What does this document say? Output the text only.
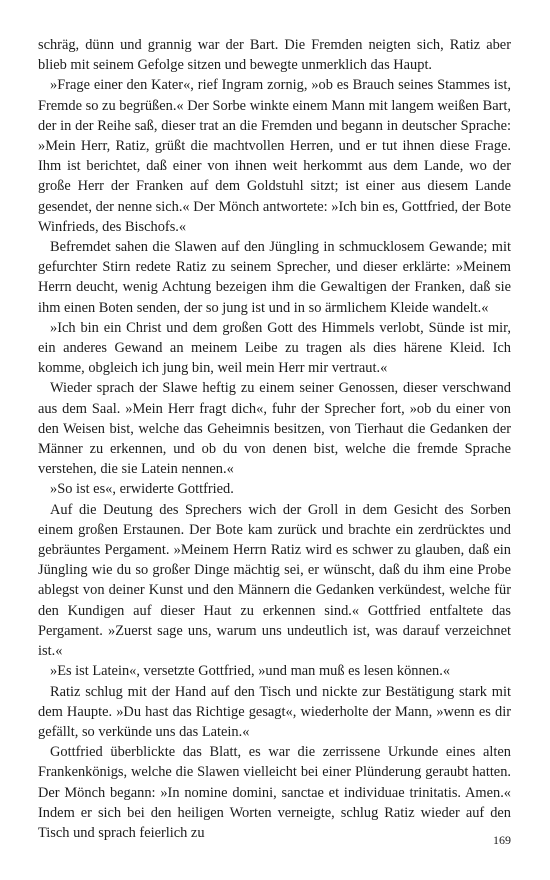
schräg, dünn und grannig war der Bart. Die Fremden neigten sich, Ratiz aber blieb mit seinem Gefolge sitzen und bewegte unmerklich das Haupt.

»Frage einer den Kater«, rief Ingram zornig, »ob es Brauch seines Stammes ist, Fremde so zu begrüßen.« Der Sorbe winkte einem Mann mit langem weißen Bart, der in der Reihe saß, dieser trat an die Fremden und begann in deutscher Sprache: »Mein Herr, Ratiz, grüßt die machtvollen Herren, und er tut ihnen diese Frage. Ihm ist berichtet, daß einer von ihnen weit herkommt aus dem Lande, wo der große Herr der Franken auf dem Goldstuhl sitzt; ist einer aus diesem Lande gesendet, der nenne sich.« Der Mönch antwortete: »Ich bin es, Gottfried, der Bote Winfrieds, des Bischofs.«

Befremdet sahen die Slawen auf den Jüngling in schmucklosem Gewande; mit gefurchter Stirn redete Ratiz zu seinem Sprecher, und dieser erklärte: »Meinem Herrn deucht, wenig Achtung bezeigen ihm die Gewaltigen der Franken, daß sie ihm einen Boten senden, der so jung ist und in so ärmlichem Kleide wandelt.«

»Ich bin ein Christ und dem großen Gott des Himmels verlobt, Sünde ist mir, ein anderes Gewand an meinem Leibe zu tragen als dies härene Kleid. Ich komme, obgleich ich jung bin, weil mein Herr mir vertraut.«

Wieder sprach der Slawe heftig zu einem seiner Genossen, dieser verschwand aus dem Saal. »Mein Herr fragt dich«, fuhr der Sprecher fort, »ob du einer von den Weisen bist, welche das Geheimnis besitzen, von Tierhaut die Gedanken der Männer zu erkennen, und ob du von denen bist, welche die fremde Sprache verstehen, die sie Latein nennen.«

»So ist es«, erwiderte Gottfried.

Auf die Deutung des Sprechers wich der Groll in dem Gesicht des Sorben einem großen Erstaunen. Der Bote kam zurück und brachte ein zerdrücktes und gebräuntes Pergament. »Meinem Herrn Ratiz wird es schwer zu glauben, daß ein Jüngling wie du so großer Dinge mächtig sei, er wünscht, daß du ihm eine Probe ablegst von deiner Kunst und den Männern die Gedanken verkündest, welche für den Kundigen auf dieser Haut zu erkennen sind.« Gottfried entfaltete das Pergament. »Zuerst sage uns, warum uns undeutlich ist, was darauf verzeichnet ist.«

»Es ist Latein«, versetzte Gottfried, »und man muß es lesen können.«

Ratiz schlug mit der Hand auf den Tisch und nickte zur Bestätigung stark mit dem Haupte. »Du hast das Richtige gesagt«, wiederholte der Mann, »wenn es dir gefällt, so verkünde uns das Latein.«

Gottfried überblickte das Blatt, es war die zerrissene Urkunde eines alten Frankenkönigs, welche die Slawen vielleicht bei einer Plünderung geraubt hatten. Der Mönch begann: »In nomine domini, sanctae et individuae trinitatis. Amen.« Indem er sich bei den heiligen Worten verneigte, schlug Ratiz wieder auf den Tisch und sprach feierlich zu	169
